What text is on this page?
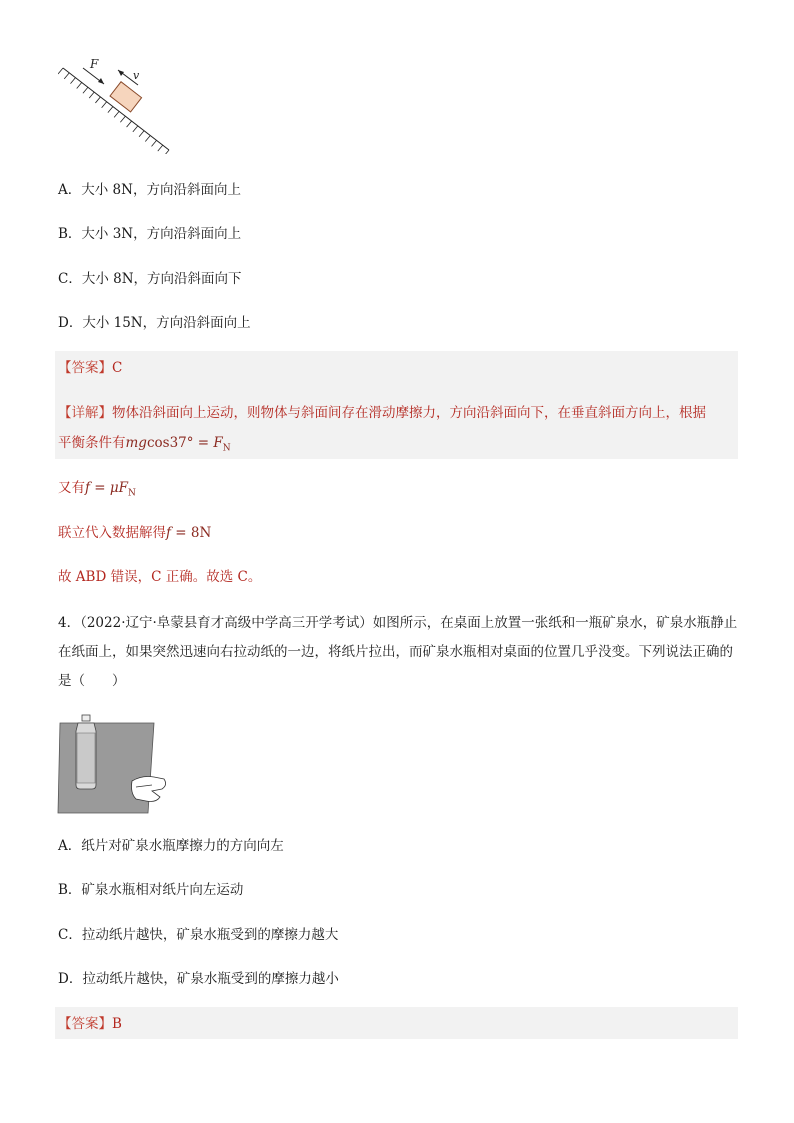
F
v
A．大小 8N，方向沿斜面向上
B．大小 3N，方向沿斜面向上
C．大小 8N，方向沿斜面向下
D．大小 15N，方向沿斜面向上
【答案】C
【详解】物体沿斜面向上运动，则物体与斜面间存在滑动摩擦力，方向沿斜面向下，在垂直斜面方向上，根据
平衡条件有$mgcos37^\circ = F_N$
又有$f = \mu F_N$
联立代入数据解得f = 8N
故 ABD 错误，C 正确。故选 C。
4．（2022·辽宁·阜蒙县育才高级中学高三开学考试）如图所示，在桌面上放置一张纸和一瓶矿泉水，矿泉水瓶静止在纸面上，如果突然迅速向右拉动纸的一边，将纸片拉出，而矿泉水瓶相对桌面的位置几乎没变。下列说法正确的是（　　）
A．纸片对矿泉水瓶摩擦力的方向向左
B．矿泉水瓶相对纸片向左运动
C．拉动纸片越快，矿泉水瓶受到的摩擦力越大
D．拉动纸片越快，矿泉水瓶受到的摩擦力越小
【答案】B
